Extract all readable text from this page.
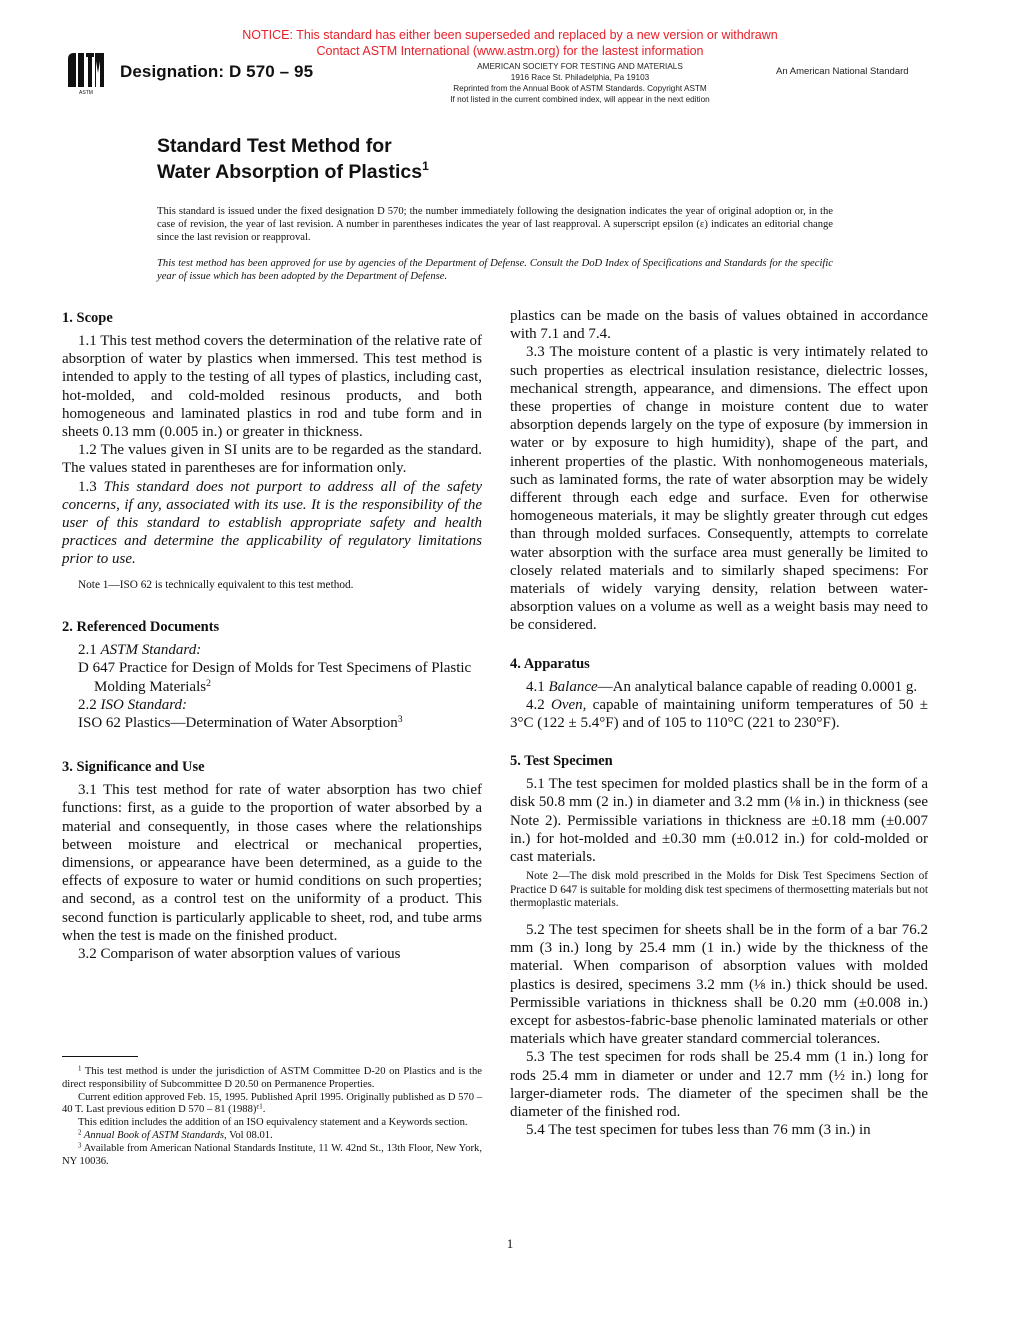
NOTICE: This standard has either been superseded and replaced by a new version or withdrawn
Contact ASTM International (www.astm.org) for the lastest information
ASTM
Designation: D 570 – 95	AMERICAN SOCIETY FOR TESTING AND MATERIALS
1916 Race St. Philadelphia, Pa 19103
Reprinted from the Annual Book of ASTM Standards. Copyright ASTM
If not listed in the current combined index, will appear in the next edition
An American National Standard
Standard Test Method for
Water Absorption of Plastics$^1$
This standard is issued under the fixed designation D 570; the number immediately following the designation indicates the year of original adoption or, in the case of revision, the year of last revision. A number in parentheses indicates the year of last reapproval. A superscript epsilon (ε) indicates an editorial change since the last revision or reapproval.
This test method has been approved for use by agencies of the Department of Defense. Consult the DoD Index of Specifications and Standards for the specific year of issue which has been adopted by the Department of Defense.
1. Scope

1.1 This test method covers the determination of the relative rate of absorption of water by plastics when immersed. This test method is intended to apply to the testing of all types of plastics, including cast, hot-molded, and cold-molded resinous products, and both homogeneous and laminated plastics in rod and tube form and in sheets 0.13 mm (0.005 in.) or greater in thickness.

1.2 The values given in SI units are to be regarded as the standard. The values stated in parentheses are for information only.

1.3 This standard does not purport to address all of the safety concerns, if any, associated with its use. It is the responsibility of the user of this standard to establish appropriate safety and health practices and determine the applicability of regulatory limitations prior to use.

Note 1—ISO 62 is technically equivalent to this test method.
2. Referenced Documents

2.1 ASTM Standard:

D 647 Practice for Design of Molds for Test Specimens of Plastic Molding Materials$^2$

2.2 ISO Standard:

ISO 62 Plastics—Determination of Water Absorption$^3$

3. Significance and Use

3.1 This test method for rate of water absorption has two chief functions: first, as a guide to the proportion of water absorbed by a material and consequently, in those cases where the relationships between moisture and electrical or mechanical properties, dimensions, or appearance have been determined, as a guide to the effects of exposure to water or humid conditions on such properties; and second, as a control test on the uniformity of a product. This second function is particularly applicable to sheet, rod, and tube arms when the test is made on the finished product.

3.2 Comparison of water absorption values of various

$^1$ This test method is under the jurisdiction of ASTM Committee D-20 on Plastics and is the direct responsibility of Subcommittee D 20.50 on Permanence Properties.

Current edition approved Feb. 15, 1995. Published April 1995. Originally published as D 570 – 40 T. Last previous edition D 570 – 81 $(1988)^{\varepsilon 1}$.

This edition includes the addition of an ISO equivalency statement and a Keywords section.

$^2$ Annual Book of ASTM Standards, Vol 08.01.

$^3$ Available from American National Standards Institute, 11 W. 42nd St., 13th Floor, New York, NY 10036.

plastics can be made on the basis of values obtained in accordance with 7.1 and 7.4.

3.3 The moisture content of a plastic is very intimately related to such properties as electrical insulation resistance, dielectric losses, mechanical strength, appearance, and dimensions. The effect upon these properties of change in moisture content due to water absorption depends largely on the type of exposure (by immersion in water or by exposure to high humidity), shape of the part, and inherent properties of the plastic. With nonhomogeneous materials, such as laminated forms, the rate of water absorption may be widely different through each edge and surface. Even for otherwise homogeneous materials, it may be slightly greater through cut edges than through molded surfaces. Consequently, attempts to correlate water absorption with the surface area must generally be limited to closely related materials and to similarly shaped specimens: For materials of widely varying density, relation between water-absorption values on a volume as well as a weight basis may need to be considered.

4. Apparatus

4.1 Balance—An analytical balance capable of reading 0.0001 g.

4.2 Oven, capable of maintaining uniform temperatures of 50 ± 3°C (122 ± 5.4°F) and of 105 to 110°C (221 to 230°F).

5. Test Specimen

5.1 The test specimen for molded plastics shall be in the form of a disk 50.8 mm (2 in.) in diameter and 3.2 mm (⅛ in.) in thickness (see Note 2). Permissible variations in thickness are ±0.18 mm (±0.007 in.) for hot-molded and ±0.30 mm (±0.012 in.) for cold-molded or cast materials.

Note 2—The disk mold prescribed in the Molds for Disk Test Specimens Section of Practice D 647 is suitable for molding disk test specimens of thermosetting materials but not thermoplastic materials.

5.2 The test specimen for sheets shall be in the form of a bar 76.2 mm (3 in.) long by 25.4 mm (1 in.) wide by the thickness of the material. When comparison of absorption values with molded plastics is desired, specimens 3.2 mm (⅛ in.) thick should be used. Permissible variations in thickness shall be 0.20 mm (±0.008 in.) except for asbestos-fabric-base phenolic laminated materials or other materials which have greater standard commercial tolerances.

5.3 The test specimen for rods shall be 25.4 mm (1 in.) long for rods 25.4 mm in diameter or under and 12.7 mm (½ in.) long for larger-diameter rods. The diameter of the specimen shall be the diameter of the finished rod.

5.4 The test specimen for tubes less than 76 mm (3 in.) in

1
